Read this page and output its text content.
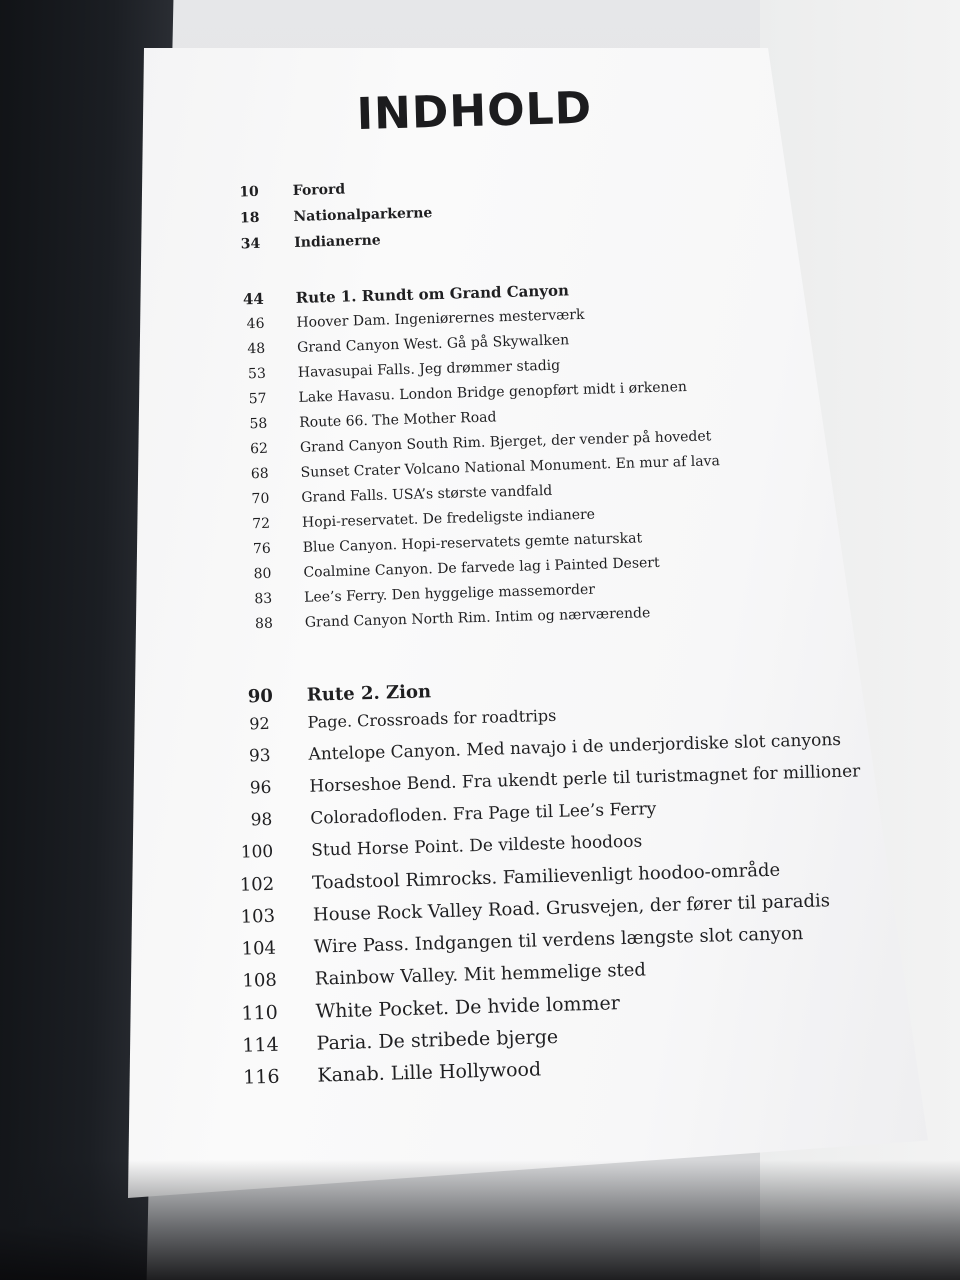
INDHOLD
10 Forord
18 Nationalparkerne
34 Indianerne
44 Rute 1. Rundt om Grand Canyon
46 Hoover Dam. Ingeniørernes mesterværk
48 Grand Canyon West. Gå på Skywalken
53 Havasupai Falls. Jeg drømmer stadig
57 Lake Havasu. London Bridge genopført midt i ørkenen
58 Route 66. The Mother Road
62 Grand Canyon South Rim. Bjerget, der vender på hovedet
68 Sunset Crater Volcano National Monument. En mur af lava
70 Grand Falls. USA’s største vandfald
72 Hopi-reservatet. De fredeligste indianere
76 Blue Canyon. Hopi-reservatets gemte naturskat
80 Coalmine Canyon. De farvede lag i Painted Desert
83 Lee’s Ferry. Den hyggelige massemorder
88 Grand Canyon North Rim. Intim og nærværende
90 Rute 2. Zion
92 Page. Crossroads for roadtrips
93 Antelope Canyon. Med navajo i de underjordiske slot canyons
96 Horseshoe Bend. Fra ukendt perle til turistmagnet for millioner
98 Coloradofloden. Fra Page til Lee’s Ferry
100 Stud Horse Point. De vildeste hoodoos
102 Toadstool Rimrocks. Familievenligt hoodoo-område
103 House Rock Valley Road. Grusvejen, der fører til paradis
104 Wire Pass. Indgangen til verdens længste slot canyon
108 Rainbow Valley. Mit hemmelige sted
110 White Pocket. De hvide lommer
114 Paria. De stribede bjerge
116 Kanab. Lille Hollywood
